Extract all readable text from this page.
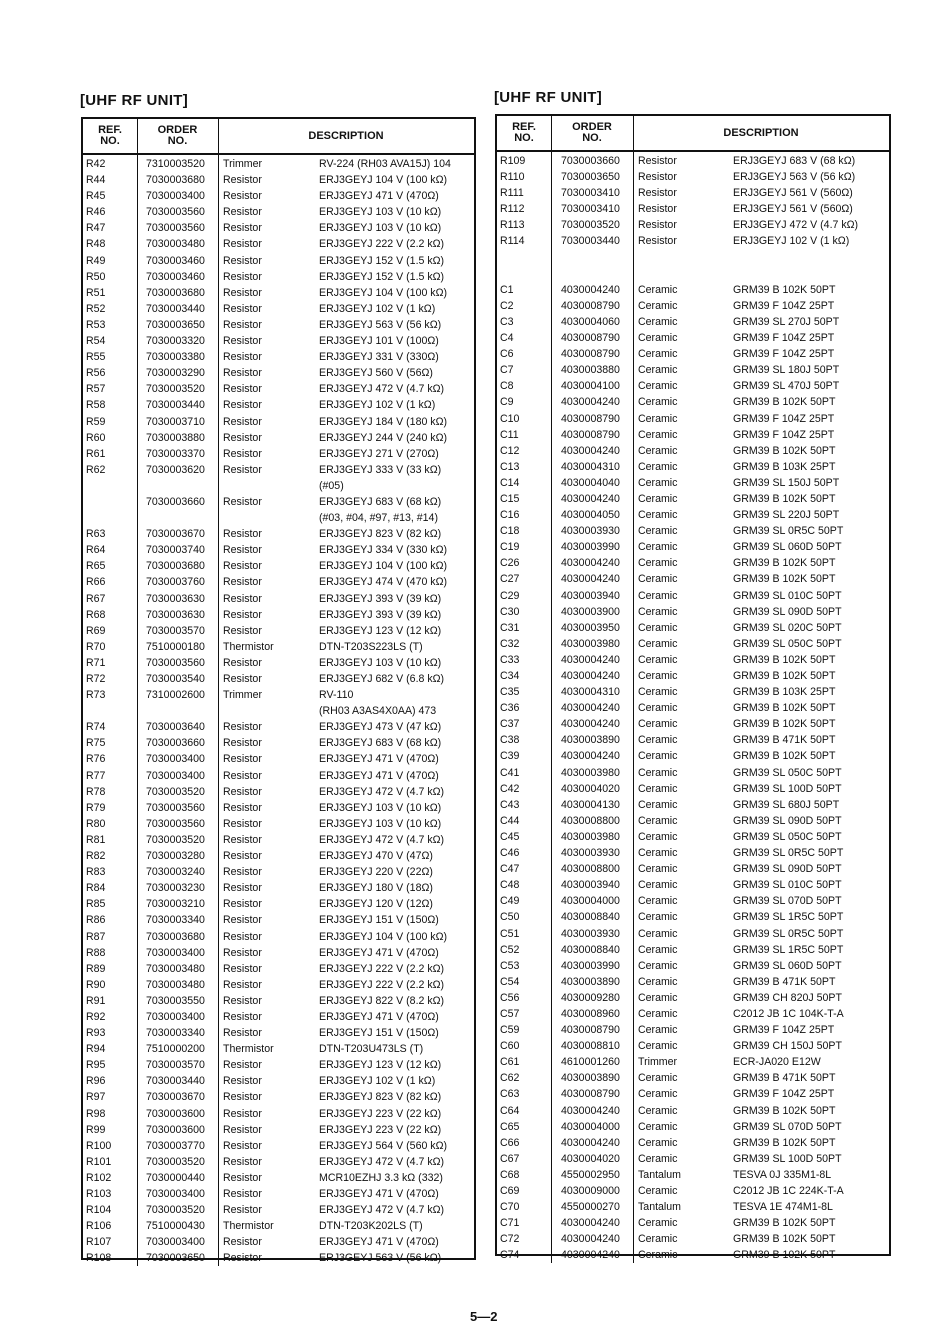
[UHF RF UNIT]	[UHF RF UNIT]
REF.
NO.
ORDER
NO.	DESCRIPTION
R42	7310003520 Trimmer	RV-224 (RH03 AVA15J) 104
R44	7030003680 Resistor	ERJ3GEYJ 104 V (100 kΩ)
R45	7030003400 Resistor	ERJ3GEYJ 471 V (470Ω)
R46	7030003560 Resistor	ERJ3GEYJ 103 V (10 kΩ)
R47	7030003560 Resistor	ERJ3GEYJ 103 V (10 kΩ)
R48	7030003480 Resistor	ERJ3GEYJ 222 V (2.2 kΩ)
R49	7030003460 Resistor	ERJ3GEYJ 152 V (1.5 kΩ)
R50	7030003460 Resistor	ERJ3GEYJ 152 V (1.5 kΩ)
R51	7030003680 Resistor	ERJ3GEYJ 104 V (100 kΩ)
R52	7030003440 Resistor	ERJ3GEYJ 102 V (1 kΩ)
R53	7030003650 Resistor	ERJ3GEYJ 563 V (56 kΩ)
R54	7030003320 Resistor	ERJ3GEYJ 101 V (100Ω)
R55	7030003380 Resistor	ERJ3GEYJ 331 V (330Ω)
R56	7030003290 Resistor	ERJ3GEYJ 560 V (56Ω)
R57	7030003520 Resistor	ERJ3GEYJ 472 V (4.7 kΩ)
R58	7030003440 Resistor	ERJ3GEYJ 102 V (1 kΩ)
R59	7030003710 Resistor	ERJ3GEYJ 184 V (180 kΩ)
R60	7030003880 Resistor	ERJ3GEYJ 244 V (240 kΩ)
R61	7030003370 Resistor	ERJ3GEYJ 271 V (270Ω)
R62	7030003620 Resistor	ERJ3GEYJ 333 V (33 kΩ)
(#05)
7030003660 Resistor	ERJ3GEYJ 683 V (68 kΩ)
(#03, #04, #97, #13, #14)
R63	7030003670 Resistor	ERJ3GEYJ 823 V (82 kΩ)
R64	7030003740 Resistor	ERJ3GEYJ 334 V (330 kΩ)
R65	7030003680 Resistor	ERJ3GEYJ 104 V (100 kΩ)
R66	7030003760 Resistor	ERJ3GEYJ 474 V (470 kΩ)
R67	7030003630 Resistor	ERJ3GEYJ 393 V (39 kΩ)
R68	7030003630 Resistor	ERJ3GEYJ 393 V (39 kΩ)
R69	7030003570 Resistor	ERJ3GEYJ 123 V (12 kΩ)
R70	7510000180 Thermistor	DTN-T203S223LS (T)
R71	7030003560 Resistor	ERJ3GEYJ 103 V (10 kΩ)
R72	7030003540 Resistor	ERJ3GEYJ 682 V (6.8 kΩ)
R73	7310002600 Trimmer	RV-110
(RH03 A3AS4X0AA) 473
R74	7030003640 Resistor	ERJ3GEYJ 473 V (47 kΩ)
R75	7030003660 Resistor	ERJ3GEYJ 683 V (68 kΩ)
R76	7030003400 Resistor	ERJ3GEYJ 471 V (470Ω)
R77	7030003400 Resistor	ERJ3GEYJ 471 V (470Ω)
R78	7030003520 Resistor	ERJ3GEYJ 472 V (4.7 kΩ)
R79	7030003560 Resistor	ERJ3GEYJ 103 V (10 kΩ)
R80	7030003560 Resistor	ERJ3GEYJ 103 V (10 kΩ)
R81	7030003520 Resistor	ERJ3GEYJ 472 V (4.7 kΩ)
R82	7030003280 Resistor	ERJ3GEYJ 470 V (47Ω)
R83	7030003240 Resistor	ERJ3GEYJ 220 V (22Ω)
R84	7030003230 Resistor	ERJ3GEYJ 180 V (18Ω)
R85	7030003210 Resistor	ERJ3GEYJ 120 V (12Ω)
R86	7030003340 Resistor	ERJ3GEYJ 151 V (150Ω)
R87	7030003680 Resistor	ERJ3GEYJ 104 V (100 kΩ)
R88	7030003400 Resistor	ERJ3GEYJ 471 V (470Ω)
R89	7030003480 Resistor	ERJ3GEYJ 222 V (2.2 kΩ)
R90	7030003480 Resistor	ERJ3GEYJ 222 V (2.2 kΩ)
R91	7030003550 Resistor	ERJ3GEYJ 822 V (8.2 kΩ)
R92	7030003400 Resistor	ERJ3GEYJ 471 V (470Ω)
R93	7030003340 Resistor	ERJ3GEYJ 151 V (150Ω)
R94	7510000200 Thermistor	DTN-T203U473LS (T)
R95	7030003570 Resistor	ERJ3GEYJ 123 V (12 kΩ)
R96	7030003440 Resistor	ERJ3GEYJ 102 V (1 kΩ)
R97	7030003670 Resistor	ERJ3GEYJ 823 V (82 kΩ)
R98	7030003600 Resistor	ERJ3GEYJ 223 V (22 kΩ)
R99	7030003600 Resistor	ERJ3GEYJ 223 V (22 kΩ)
R100	7030003770 Resistor	ERJ3GEYJ 564 V (560 kΩ)
R101	7030003520 Resistor	ERJ3GEYJ 472 V (4.7 kΩ)
R102	7030000440 Resistor	MCR10EZHJ 3.3 kΩ (332)
R103	7030003400 Resistor	ERJ3GEYJ 471 V (470Ω)
R104	7030003520 Resistor	ERJ3GEYJ 472 V (4.7 kΩ)
R106	7510000430 Thermistor	DTN-T203K202LS (T)
R107	7030003400 Resistor	ERJ3GEYJ 471 V (470Ω)
R108	7030003650 Resistor	ERJ3GEYJ 563 V (56 kΩ)
REF.
NO.
ORDER
NO.	DESCRIPTION
R109	7030003660 Resistor	ERJ3GEYJ 683 V (68 kΩ)
R110	7030003650 Resistor	ERJ3GEYJ 563 V (56 kΩ)
R111	7030003410 Resistor	ERJ3GEYJ 561 V (560Ω)
R112	7030003410 Resistor	ERJ3GEYJ 561 V (560Ω)
R113	7030003520 Resistor	ERJ3GEYJ 472 V (4.7 kΩ)
R114	7030003440 Resistor	ERJ3GEYJ 102 V (1 kΩ)
C1	4030004240 Ceramic	GRM39 B 102K 50PT
C2	4030008790 Ceramic	GRM39 F 104Z 25PT
C3	4030004060 Ceramic	GRM39 SL 270J 50PT
C4	4030008790 Ceramic	GRM39 F 104Z 25PT
C6	4030008790 Ceramic	GRM39 F 104Z 25PT
C7	4030003880 Ceramic	GRM39 SL 180J 50PT
C8	4030004100 Ceramic	GRM39 SL 470J 50PT
C9	4030004240 Ceramic	GRM39 B 102K 50PT
C10	4030008790 Ceramic	GRM39 F 104Z 25PT
C11	4030008790 Ceramic	GRM39 F 104Z 25PT
C12	4030004240 Ceramic	GRM39 B 102K 50PT
C13	4030004310 Ceramic	GRM39 B 103K 25PT
C14	4030004040 Ceramic	GRM39 SL 150J 50PT
C15	4030004240 Ceramic	GRM39 B 102K 50PT
C16	4030004050 Ceramic	GRM39 SL 220J 50PT
C18	4030003930 Ceramic	GRM39 SL 0R5C 50PT
C19	4030003990 Ceramic	GRM39 SL 060D 50PT
C26	4030004240 Ceramic	GRM39 B 102K 50PT
C27	4030004240 Ceramic	GRM39 B 102K 50PT
C29	4030003940 Ceramic	GRM39 SL 010C 50PT
C30	4030003900 Ceramic	GRM39 SL 090D 50PT
C31	4030003950 Ceramic	GRM39 SL 020C 50PT
C32	4030003980 Ceramic	GRM39 SL 050C 50PT
C33	4030004240 Ceramic	GRM39 B 102K 50PT
C34	4030004240 Ceramic	GRM39 B 102K 50PT
C35	4030004310 Ceramic	GRM39 B 103K 25PT
C36	4030004240 Ceramic	GRM39 B 102K 50PT
C37	4030004240 Ceramic	GRM39 B 102K 50PT
C38	4030003890 Ceramic	GRM39 B 471K 50PT
C39	4030004240 Ceramic	GRM39 B 102K 50PT
C41	4030003980 Ceramic	GRM39 SL 050C 50PT
C42	4030004020 Ceramic	GRM39 SL 100D 50PT
C43	4030004130 Ceramic	GRM39 SL 680J 50PT
C44	4030008800 Ceramic	GRM39 SL 090D 50PT
C45	4030003980 Ceramic	GRM39 SL 050C 50PT
C46	4030003930 Ceramic	GRM39 SL 0R5C 50PT
C47	4030008800 Ceramic	GRM39 SL 090D 50PT
C48	4030003940 Ceramic	GRM39 SL 010C 50PT
C49	4030004000 Ceramic	GRM39 SL 070D 50PT
C50	4030008840 Ceramic	GRM39 SL 1R5C 50PT
C51	4030003930 Ceramic	GRM39 SL 0R5C 50PT
C52	4030008840 Ceramic	GRM39 SL 1R5C 50PT
C53	4030003990 Ceramic	GRM39 SL 060D 50PT
C54	4030003890 Ceramic	GRM39 B 471K 50PT
C56	4030009280 Ceramic	GRM39 CH 820J 50PT
C57	4030008960 Ceramic	C2012 JB 1C 104K-T-A
C59	4030008790 Ceramic	GRM39 F 104Z 25PT
C60	4030008810 Ceramic	GRM39 CH 150J 50PT
C61	4610001260 Trimmer	ECR-JA020 E12W
C62	4030003890 Ceramic	GRM39 B 471K 50PT
C63	4030008790 Ceramic	GRM39 F 104Z 25PT
C64	4030004240 Ceramic	GRM39 B 102K 50PT
C65	4030004000 Ceramic	GRM39 SL 070D 50PT
C66	4030004240 Ceramic	GRM39 B 102K 50PT
C67	4030004020 Ceramic	GRM39 SL 100D 50PT
C68	4550002950 Tantalum	TESVA 0J 335M1-8L
C69	4030009000 Ceramic	C2012 JB 1C 224K-T-A
C70	4550000270 Tantalum	TESVA 1E 474M1-8L
C71	4030004240 Ceramic	GRM39 B 102K 50PT
C72	4030004240 Ceramic	GRM39 B 102K 50PT
C74	4030004240 Ceramic	GRM39 B 102K 50PT
5—2
